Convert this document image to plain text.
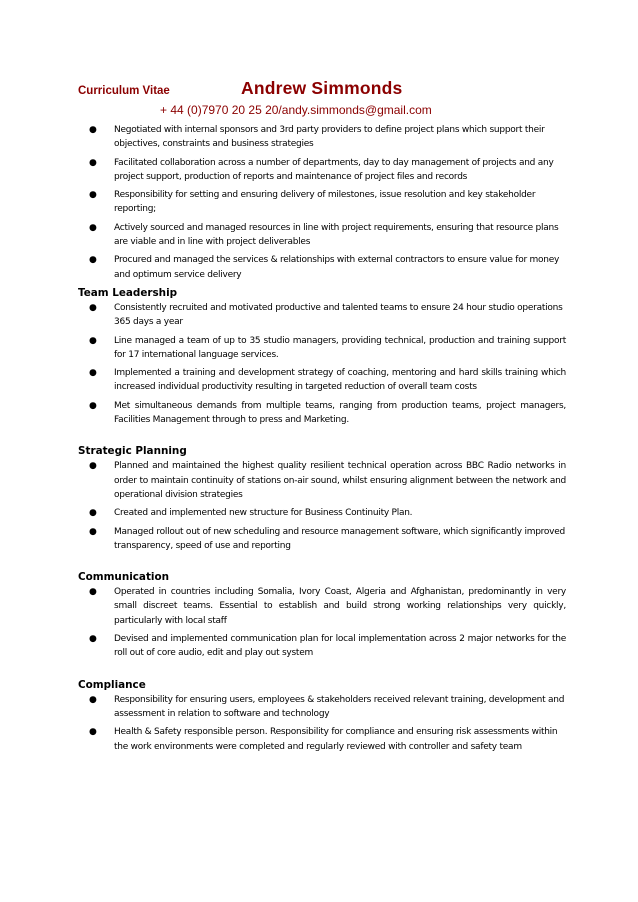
Curriculum Vitae	Andrew Simmonds
+ 44 (0)7970 20 25 20/andy.simmonds@gmail.com
● Negotiated with internal sponsors and 3rd party providers to define project plans which support their objectives, constraints and business strategies
● Facilitated collaboration across a number of departments, day to day management of projects and any project support, production of reports and maintenance of project files and records
● Responsibility for setting and ensuring delivery of milestones, issue resolution and key stakeholder reporting;
● Actively sourced and managed resources in line with project requirements, ensuring that resource plans are viable and in line with project deliverables
● Procured and managed the services & relationships with external contractors to ensure value for money and optimum service delivery
Team Leadership
● Consistently recruited and motivated productive and talented teams to ensure 24 hour studio operations 365 days a year
● Line managed a team of up to 35 studio managers, providing technical, production and training support for 17 international language services.
● Implemented a training and development strategy of coaching, mentoring and hard skills training which increased individual productivity resulting in targeted reduction of overall team costs
● Met simultaneous demands from multiple teams, ranging from production teams, project managers, Facilities Management through to press and Marketing.
Strategic Planning
● Planned and maintained the highest quality resilient technical operation across BBC Radio networks in order to maintain continuity of stations on-air sound, whilst ensuring alignment between the network and operational division strategies
● Created and implemented new structure for Business Continuity Plan.
● Managed rollout out of new scheduling and resource management software, which significantly improved transparency, speed of use and reporting
Communication
● Operated in countries including Somalia, Ivory Coast, Algeria and Afghanistan, predominantly in very small discreet teams. Essential to establish and build strong working relationships very quickly, particularly with local staff
● Devised and implemented communication plan for local implementation across 2 major networks for the roll out of core audio, edit and play out system
Compliance
● Responsibility for ensuring users, employees & stakeholders received relevant training, development and assessment in relation to software and technology
● Health & Safety responsible person. Responsibility for compliance and ensuring risk assessments within the work environments were completed and regularly reviewed with controller and safety team
